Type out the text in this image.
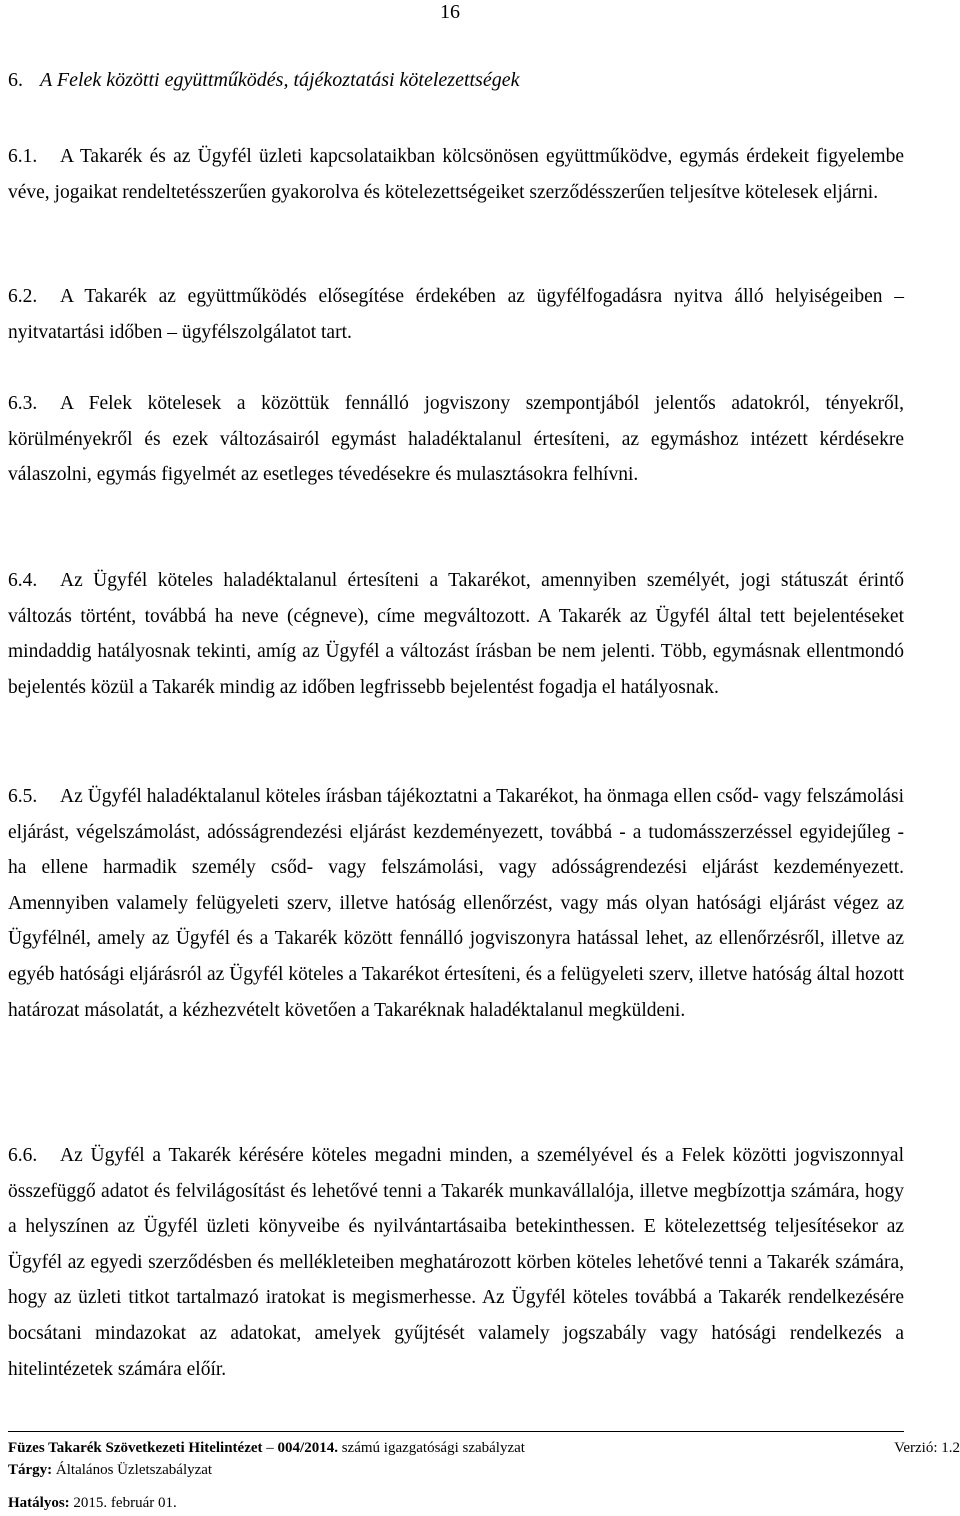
16
6. A Felek közötti együttműködés, tájékoztatási kötelezettségek
6.1. A Takarék és az Ügyfél üzleti kapcsolataikban kölcsönösen együttműködve, egymás érdekeit figyelembe véve, jogaikat rendeltetésszerűen gyakorolva és kötelezettségeiket szerződésszerűen teljesítve kötelesek eljárni.
6.2. A Takarék az együttműködés elősegítése érdekében az ügyfélfogadásra nyitva álló helyiségeiben – nyitvatartási időben – ügyfélszolgálatot tart.
6.3. A Felek kötelesek a közöttük fennálló jogviszony szempontjából jelentős adatokról, tényekről, körülményekről és ezek változásairól egymást haladéktalanul értesíteni, az egymáshoz intézett kérdésekre válaszolni, egymás figyelmét az esetleges tévedésekre és mulasztásokra felhívni.
6.4. Az Ügyfél köteles haladéktalanul értesíteni a Takarékot, amennyiben személyét, jogi státuszát érintő változás történt, továbbá ha neve (cégneve), címe megváltozott. A Takarék az Ügyfél által tett bejelentéseket mindaddig hatályosnak tekinti, amíg az Ügyfél a változást írásban be nem jelenti. Több, egymásnak ellentmondó bejelentés közül a Takarék mindig az időben legfrissebb bejelentést fogadja el hatályosnak.
6.5. Az Ügyfél haladéktalanul köteles írásban tájékoztatni a Takarékot, ha önmaga ellen csőd- vagy felszámolási eljárást, végelszámolást, adósságrendezési eljárást kezdeményezett, továbbá - a tudomásszerzéssel egyidejűleg - ha ellene harmadik személy csőd- vagy felszámolási, vagy adósságrendezési eljárást kezdeményezett. Amennyiben valamely felügyeleti szerv, illetve hatóság ellenőrzést, vagy más olyan hatósági eljárást végez az Ügyfélnél, amely az Ügyfél és a Takarék között fennálló jogviszonyra hatással lehet, az ellenőrzésről, illetve az egyéb hatósági eljárásról az Ügyfél köteles a Takarékot értesíteni, és a felügyeleti szerv, illetve hatóság által hozott határozat másolatát, a kézhezvételt követően a Takaréknak haladéktalanul megküldeni.
6.6. Az Ügyfél a Takarék kérésére köteles megadni minden, a személyével és a Felek közötti jogviszonnyal összefüggő adatot és felvilágosítást és lehetővé tenni a Takarék munkavállalója, illetve megbízottja számára, hogy a helyszínen az Ügyfél üzleti könyveibe és nyilvántartásaiba betekinthessen. E kötelezettség teljesítésekor az Ügyfél az egyedi szerződésben és mellékleteiben meghatározott körben köteles lehetővé tenni a Takarék számára, hogy az üzleti titkot tartalmazó iratokat is megismerhesse. Az Ügyfél köteles továbbá a Takarék rendelkezésére bocsátani mindazokat az adatokat, amelyek gyűjtését valamely jogszabály vagy hatósági rendelkezés a hitelintézetek számára előír.
Füzes Takarék Szövetkezeti Hitelintézet – 004/2014. számú igazgatósági szabályzat	Verzió: 1.2
Tárgy: Általános Üzletszabályzat
Hatályos: 2015. február 01.
